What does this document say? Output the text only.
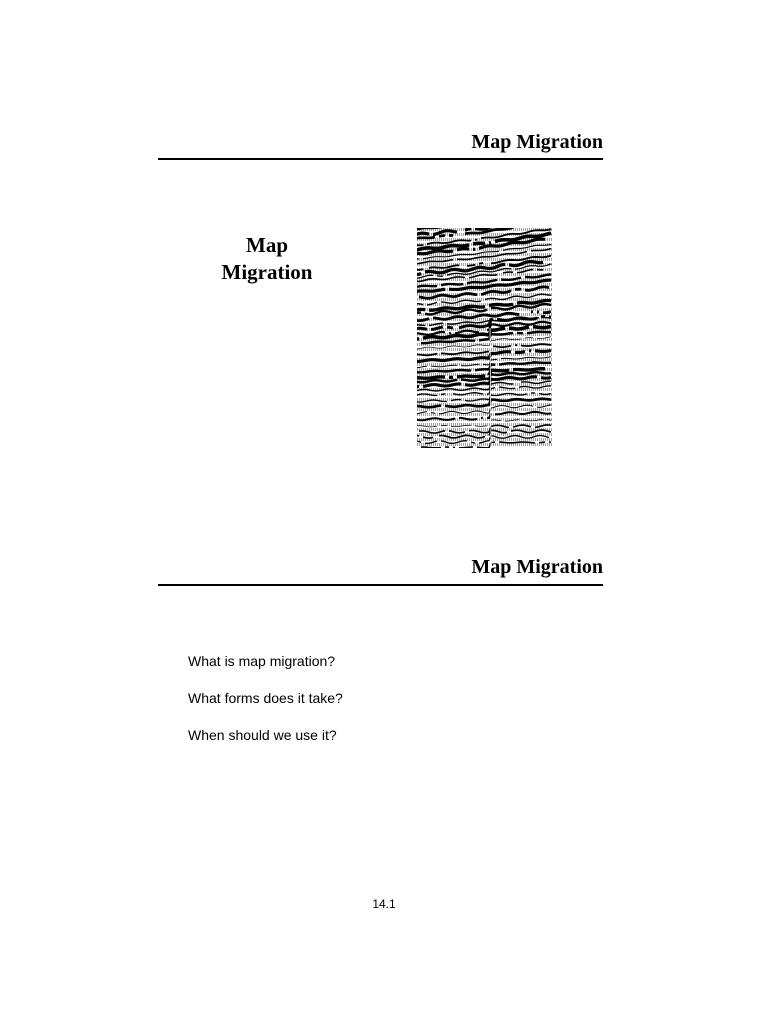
Map Migration
Map
Migration
Map Migration
What is map migration?
What forms does it take?
When should we use it?
14.1
